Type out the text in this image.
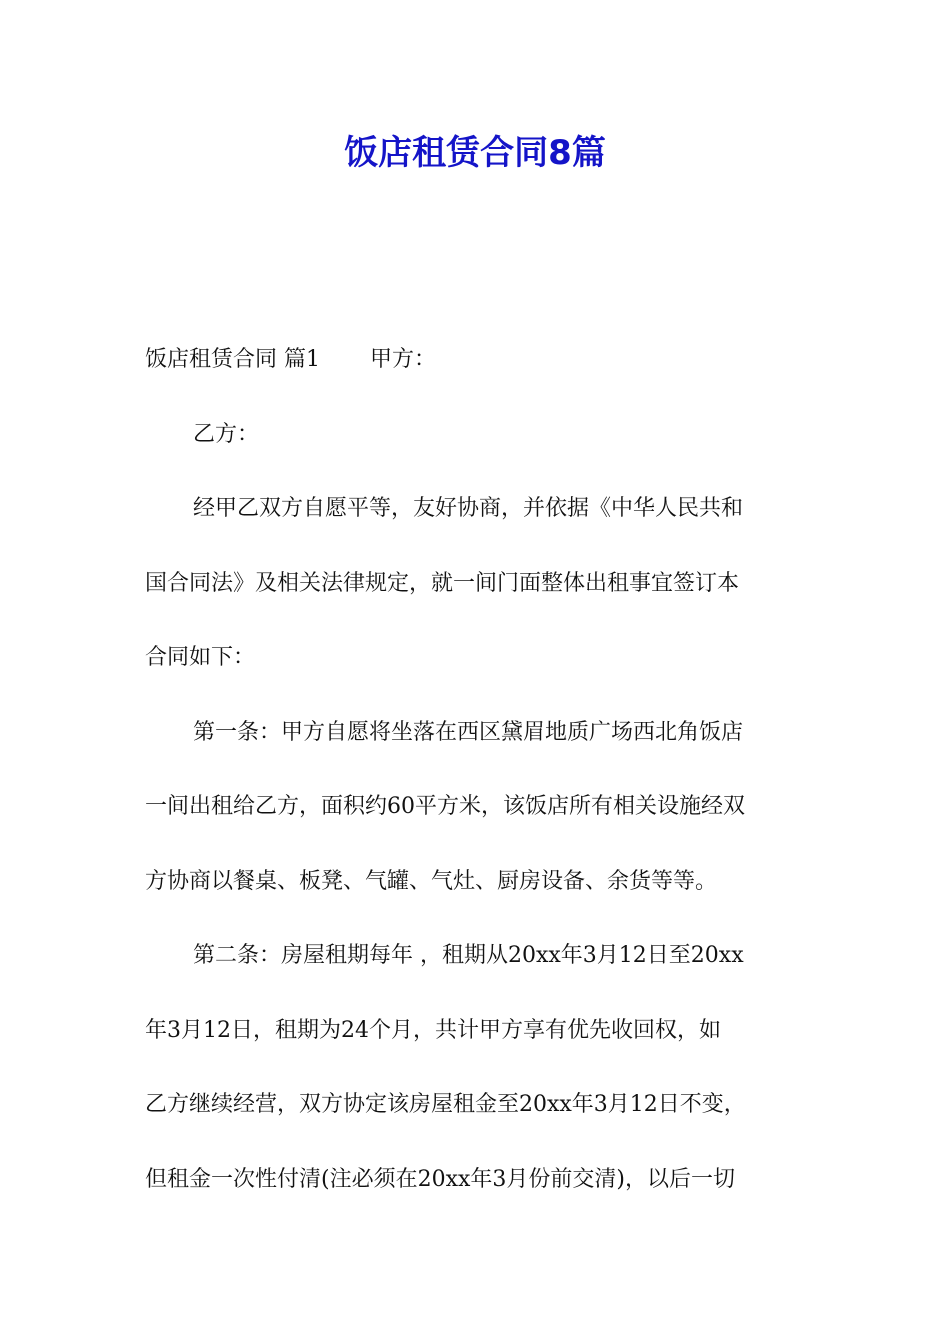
饭店租赁合同8篇
饭店租赁合同 篇1 甲方：
乙方：
经甲乙双方自愿平等，友好协商，并依据《中华人民共和
国合同法》及相关法律规定，就一间门面整体出租事宜签订本
合同如下：
第一条：甲方自愿将坐落在西区黛眉地质广场西北角饭店
一间出租给乙方，面积约60平方米，该饭店所有相关设施经双
方协商以餐桌、板凳、气罐、气灶、厨房设备、余货等等。
第二条：房屋租期每年 ，租期从20xx年3月12日至20xx
年3月12日，租期为24个月，共计甲方享有优先收回权，如
乙方继续经营，双方协定该房屋租金至20xx年3月12日不变，
但租金一次性付清(注必须在20xx年3月份前交清)，以后一切
